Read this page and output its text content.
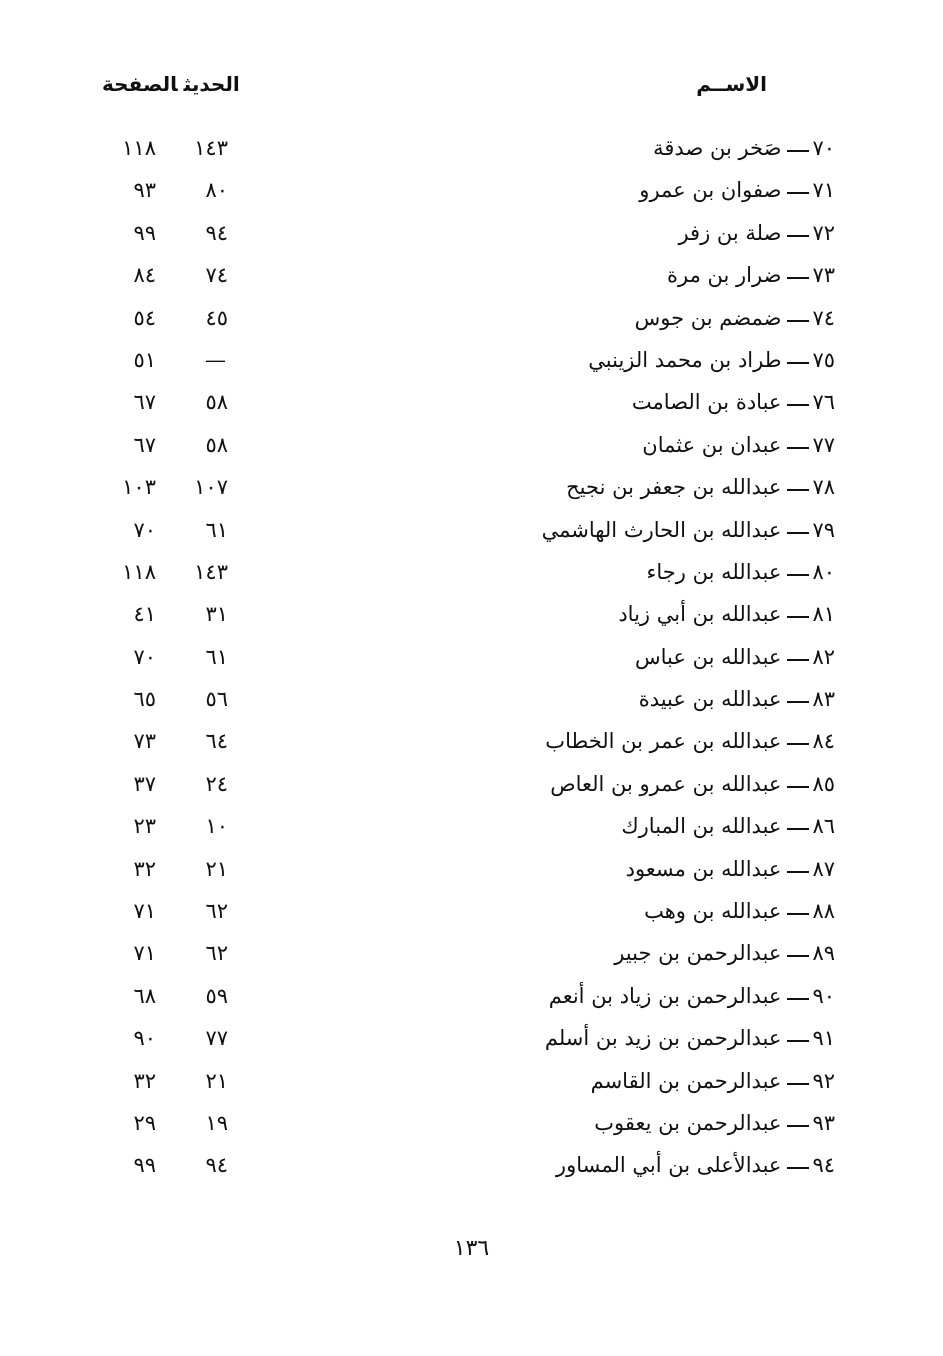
الاســم
الحديثالصفحة
٧٠صَخر بن صدقة
١٤٣
١١٨
٧١صفوان بن عمرو
٨٠
٩٣
٧٢صلة بن زفر
٩٤
٩٩
٧٣ضرار بن مرة
٧٤
٨٤
٧٤ضمضم بن جوس
٤٥
٥٤
٧٥طراد بن محمد الزينبي
—
٥١
٧٦عبادة بن الصامت
٥٨
٦٧
٧٧عبدان بن عثمان
٥٨
٦٧
٧٨عبدالله بن جعفر بن نجيح
١٠٧
١٠٣
٧٩عبدالله بن الحارث الهاشمي
٦١
٧٠
٨٠عبدالله بن رجاء
١٤٣
١١٨
٨١عبدالله بن أبي زياد
٣١
٤١
٨٢عبدالله بن عباس
٦١
٧٠
٨٣عبدالله بن عبيدة
٥٦
٦٥
٨٤عبدالله بن عمر بن الخطاب
٦٤
٧٣
٨٥عبدالله بن عمرو بن العاص
٢٤
٣٧
٨٦عبدالله بن المبارك
١٠
٢٣
٨٧عبدالله بن مسعود
٢١
٣٢
٨٨عبدالله بن وهب
٦٢
٧١
٨٩عبدالرحمن بن جبير
٦٢
٧١
٩٠عبدالرحمن بن زياد بن أنعم
٥٩
٦٨
٩١عبدالرحمن بن زيد بن أسلم
٧٧
٩٠
٩٢عبدالرحمن بن القاسم
٢١
٣٢
٩٣عبدالرحمن بن يعقوب
١٩
٢٩
٩٤عبدالأعلى بن أبي المساور
٩٤
٩٩
١٣٦
